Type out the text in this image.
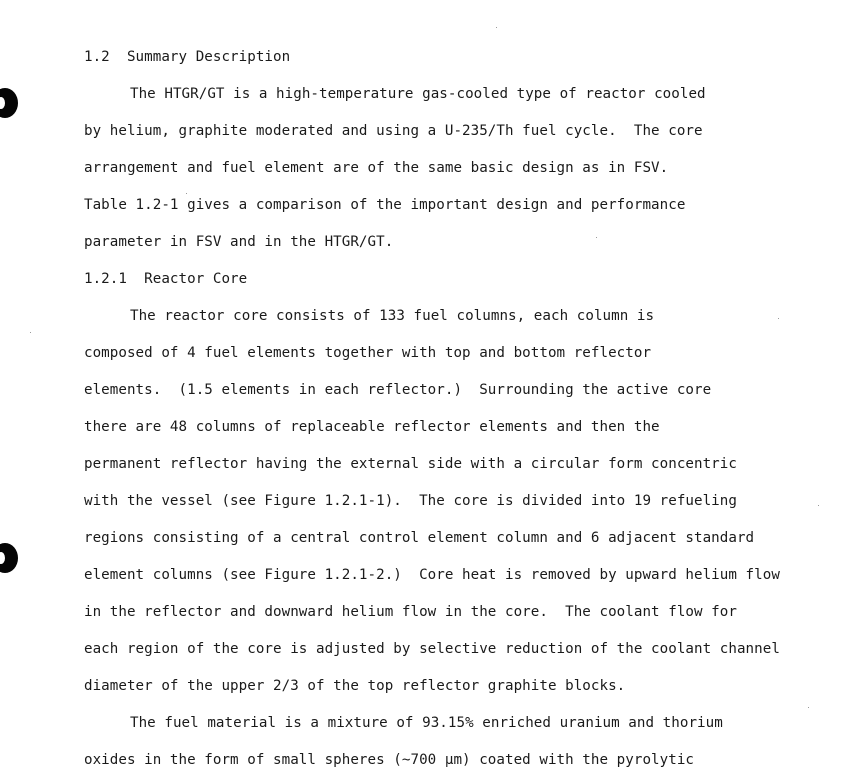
1.2  Summary Description
The HTGR/GT is a high-temperature gas-cooled type of reactor cooled
by helium, graphite moderated and using a U-235/Th fuel cycle.  The core
arrangement and fuel element are of the same basic design as in FSV.
Table 1.2-1 gives a comparison of the important design and performance
parameter in FSV and in the HTGR/GT.
1.2.1  Reactor Core
The reactor core consists of 133 fuel columns, each column is
composed of 4 fuel elements together with top and bottom reflector
elements.  (1.5 elements in each reflector.)  Surrounding the active core
there are 48 columns of replaceable reflector elements and then the
permanent reflector having the external side with a circular form concentric
with the vessel (see Figure 1.2.1-1).  The core is divided into 19 refueling
regions consisting of a central control element column and 6 adjacent standard
element columns (see Figure 1.2.1-2.)  Core heat is removed by upward helium flow
in the reflector and downward helium flow in the core.  The coolant flow for
each region of the core is adjusted by selective reduction of the coolant channel
diameter of the upper 2/3 of the top reflector graphite blocks.
The fuel material is a mixture of 93.15% enriched uranium and thorium
oxides in the form of small spheres (~700 μm) coated with the pyrolytic
